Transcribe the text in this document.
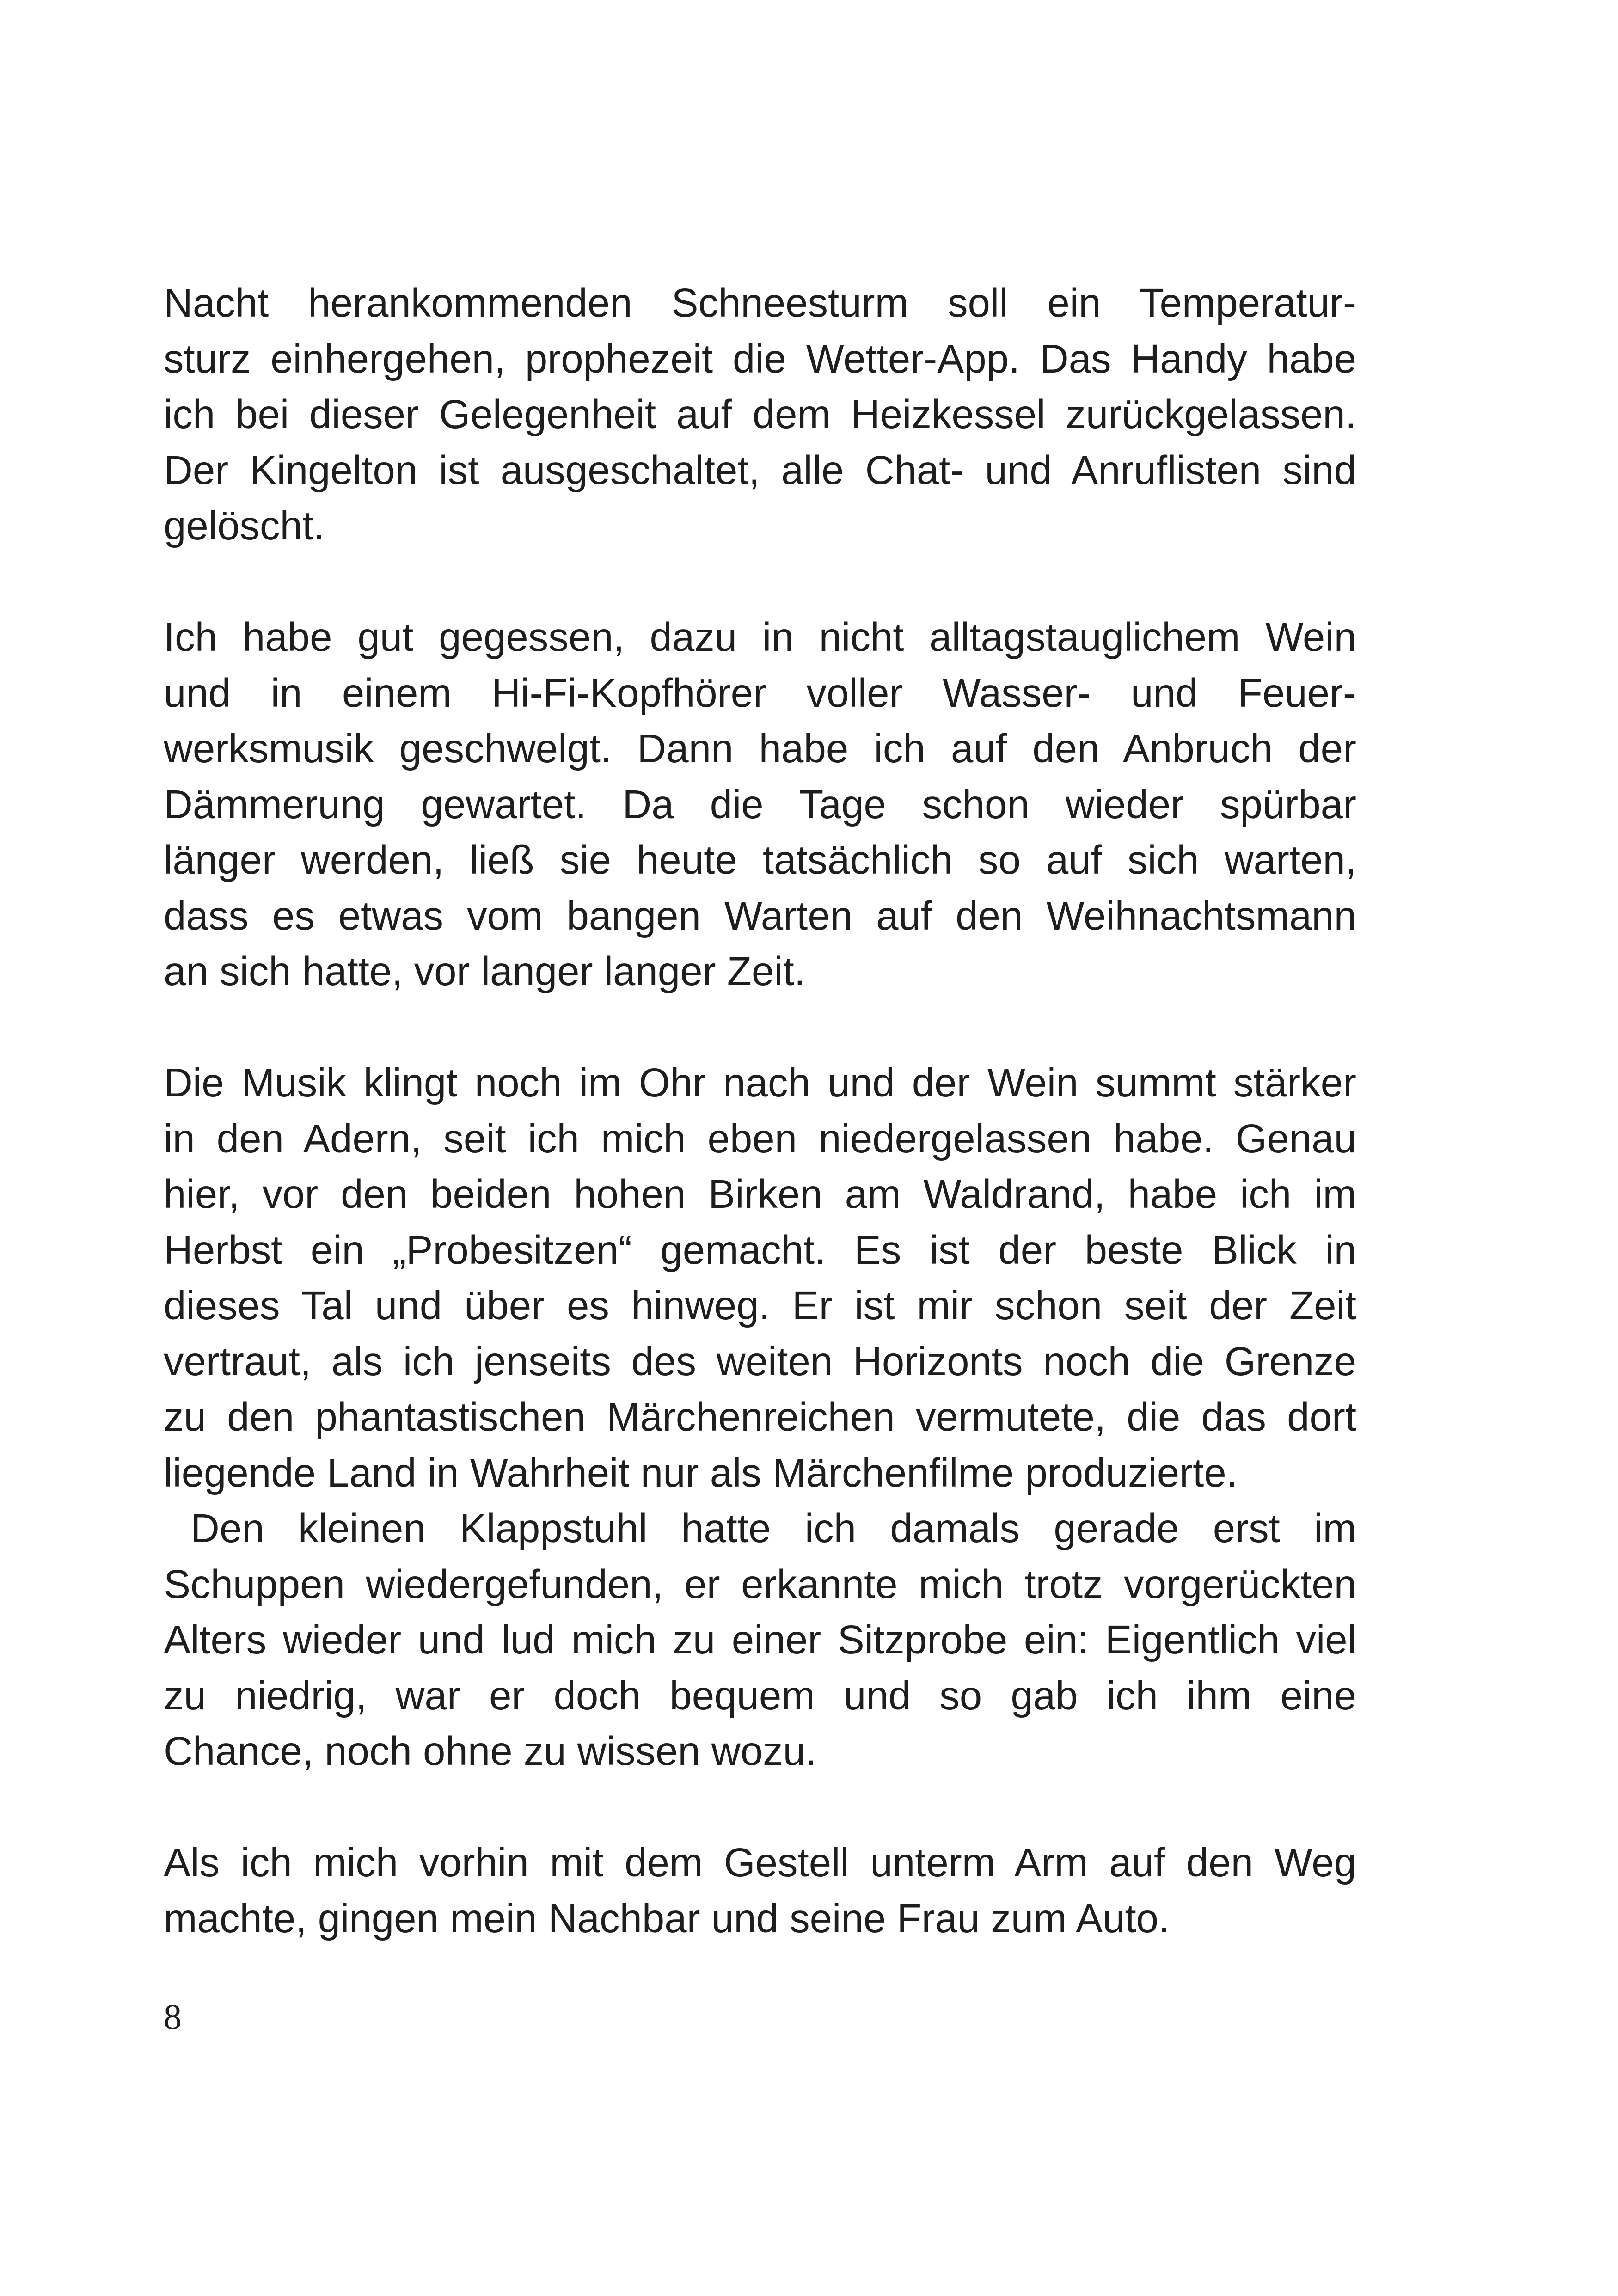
Nacht herankommenden Schneesturm soll ein Temperatur-
sturz einhergehen, prophezeit die Wetter-App. Das Handy habe
ich bei dieser Gelegenheit auf dem Heizkessel zurückgelassen.
Der Kingelton ist ausgeschaltet, alle Chat- und Anruflisten sind
gelöscht.

Ich habe gut gegessen, dazu in nicht alltagstauglichem Wein
und in einem Hi-Fi-Kopfhörer voller Wasser- und Feuer-
werksmusik geschwelgt. Dann habe ich auf den Anbruch der
Dämmerung gewartet. Da die Tage schon wieder spürbar
länger werden, ließ sie heute tatsächlich so auf sich warten,
dass es etwas vom bangen Warten auf den Weihnachtsmann
an sich hatte, vor langer langer Zeit.

Die Musik klingt noch im Ohr nach und der Wein summt stärker
in den Adern, seit ich mich eben niedergelassen habe. Genau
hier, vor den beiden hohen Birken am Waldrand, habe ich im
Herbst ein „Probesitzen“ gemacht. Es ist der beste Blick in
dieses Tal und über es hinweg. Er ist mir schon seit der Zeit
vertraut, als ich jenseits des weiten Horizonts noch die Grenze
zu den phantastischen Märchenreichen vermutete, die das dort
liegende Land in Wahrheit nur als Märchenfilme produzierte.

Den kleinen Klappstuhl hatte ich damals gerade erst im
Schuppen wiedergefunden, er erkannte mich trotz vorgerückten
Alters wieder und lud mich zu einer Sitzprobe ein: Eigentlich viel
zu niedrig, war er doch bequem und so gab ich ihm eine
Chance, noch ohne zu wissen wozu.

Als ich mich vorhin mit dem Gestell unterm Arm auf den Weg
machte, gingen mein Nachbar und seine Frau zum Auto.

8
